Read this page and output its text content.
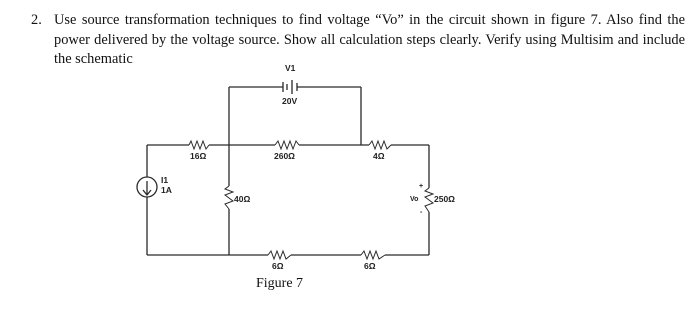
2. Use source transformation techniques to find voltage “Vo” in the circuit shown in figure 7. Also find the power delivered by the voltage source. Show all calculation steps clearly. Verify using Multisim and include the schematic
V1
20V
16Ω	260Ω	4Ω
40Ω
6Ω	6Ω
250Ω
I1
1A	+
Vo
-
Figure 7
